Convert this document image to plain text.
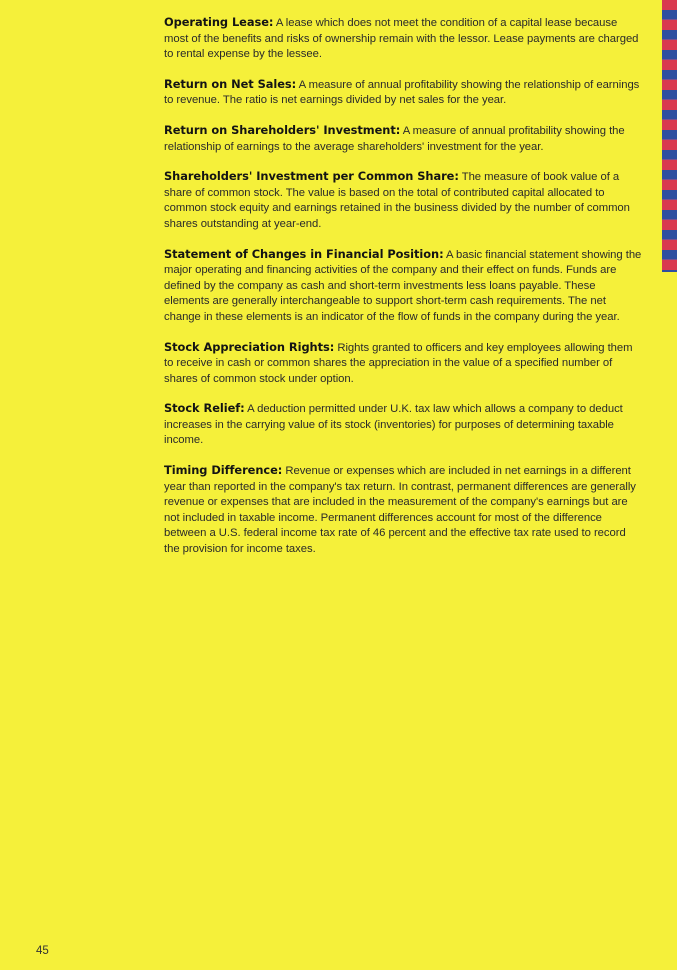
Operating Lease: A lease which does not meet the condition of a capital lease because most of the benefits and risks of ownership remain with the lessor. Lease payments are charged to rental expense by the lessee.

Return on Net Sales: A measure of annual profitability showing the relationship of earnings to revenue. The ratio is net earnings divided by net sales for the year.

Return on Shareholders' Investment: A measure of annual profitability showing the relationship of earnings to the average shareholders' investment for the year.

Shareholders' Investment per Common Share: The measure of book value of a share of common stock. The value is based on the total of contributed capital allocated to common stock equity and earnings retained in the business divided by the number of common shares outstanding at year-end.

Statement of Changes in Financial Position: A basic financial statement showing the major operating and financing activities of the company and their effect on funds. Funds are defined by the company as cash and short-term investments less loans payable. These elements are generally interchangeable to support short-term cash requirements. The net change in these elements is an indicator of the flow of funds in the company during the year.

Stock Appreciation Rights: Rights granted to officers and key employees allowing them to receive in cash or common shares the appreciation in the value of a specified number of shares of common stock under option.

Stock Relief: A deduction permitted under U.K. tax law which allows a company to deduct increases in the carrying value of its stock (inventories) for purposes of determining taxable income.

Timing Difference: Revenue or expenses which are included in net earnings in a different year than reported in the company's tax return. In contrast, permanent differences are generally revenue or expenses that are included in the measurement of the company's earnings but are not included in taxable income. Permanent differences account for most of the difference between a U.S. federal income tax rate of 46 percent and the effective tax rate used to record the provision for income taxes.

45
